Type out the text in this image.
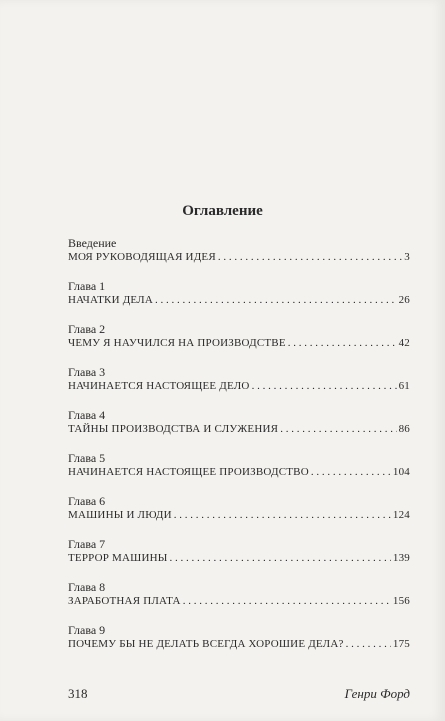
Оглавление
Введение
МОЯ РУКОВОДЯЩАЯ ИДЕЯ . . .	3
Глава 1
НАЧАТКИ ДЕЛА . . .	26
Глава 2
ЧЕМУ Я НАУЧИЛСЯ НА ПРОИЗВОДСТВЕ . . .	42
Глава 3
НАЧИНАЕТСЯ НАСТОЯЩЕЕ ДЕЛО . . .	61
Глава 4
ТАЙНЫ ПРОИЗВОДСТВА И СЛУЖЕНИЯ . . .	86
Глава 5
НАЧИНАЕТСЯ НАСТОЯЩЕЕ ПРОИЗВОДСТВО . . .	104
Глава 6
МАШИНЫ И ЛЮДИ . . .	124
Глава 7
ТЕРРОР МАШИНЫ . . .	139
Глава 8
ЗАРАБОТНАЯ ПЛАТА . . .	156
Глава 9
ПОЧЕМУ БЫ НЕ ДЕЛАТЬ ВСЕГДА ХОРОШИЕ ДЕЛА? . . .	175
318	Генри Форд
